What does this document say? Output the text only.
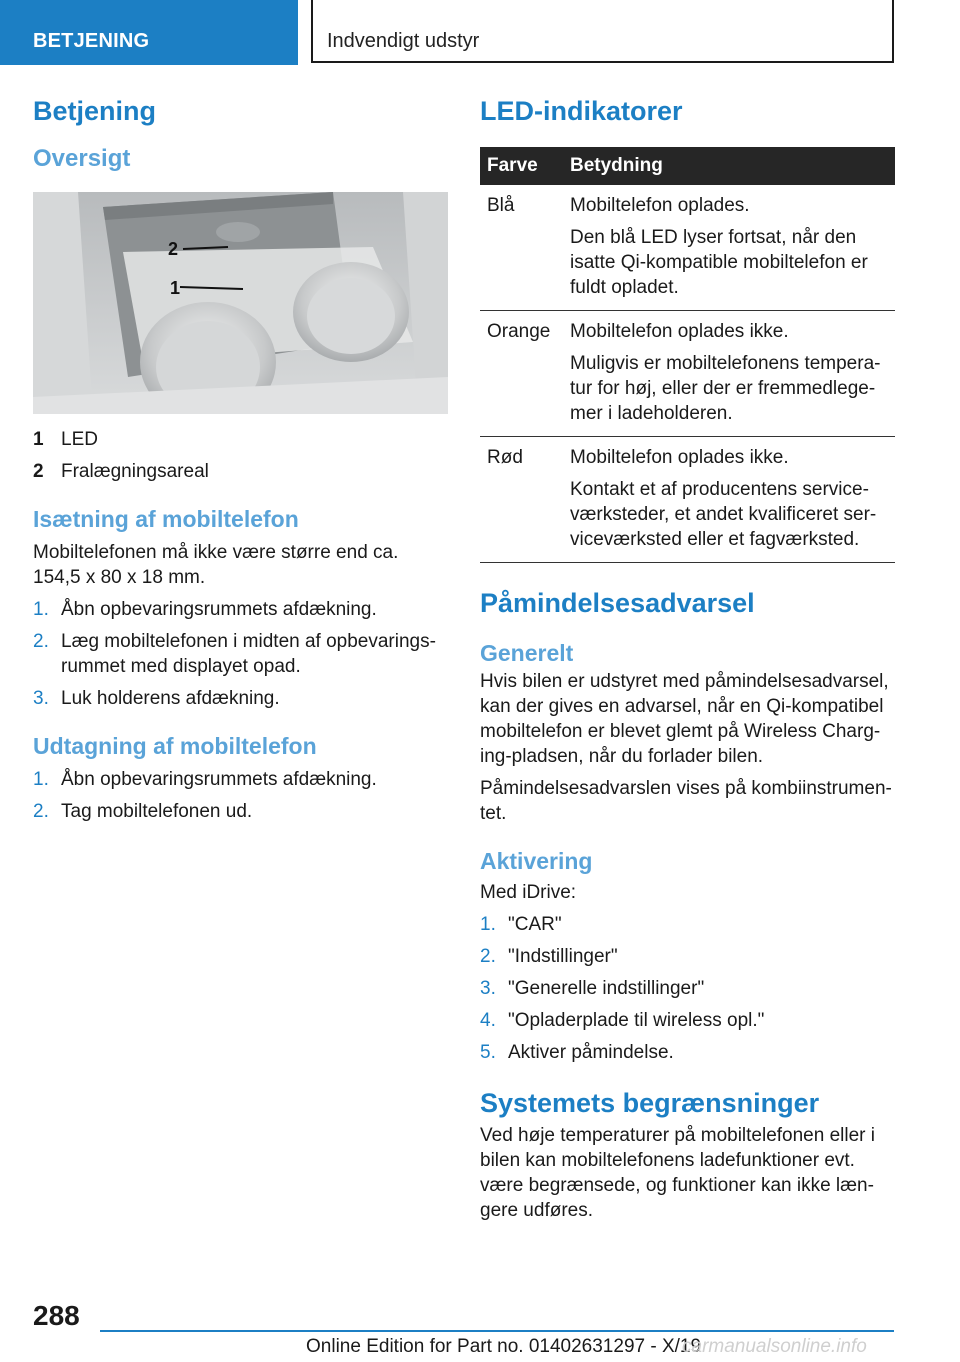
BETJENING	Indvendigt udstyr
Betjening
Oversigt
2
1
1 LED
2 Fralægningsareal
Isætning af mobiltelefon

Mobiltelefonen må ikke være større end ca. 154,5 x 80 x 18 mm.

1. Åbn opbevaringsrummets afdækning.
2. Læg mobiltelefonen i midten af opbevaringsrummet med displayet opad.
3. Luk holderens afdækning.
Udtagning af mobiltelefon
1. Åbn opbevaringsrummets afdækning.
2. Tag mobiltelefonen ud.
LED-indikatorer
Farve	Betydning
Blå	Mobiltelefon oplades.
Den blå LED lyser fortsat, når den isatte Qi-kompatible mobiltelefon er fuldt opladet.

Orange	Mobiltelefon oplades ikke.
Muligvis er mobiltelefonens temperatur for høj, eller der er fremmedlegemer i ladeholderen.

Rød	Mobiltelefon oplades ikke.
Kontakt et af producentens serviceværksteder, et andet kvalificeret serviceværksted eller et fagværksted.
Påmindelsesadvarsel
Generelt

Hvis bilen er udstyret med påmindelsesadvarsel, kan der gives en advarsel, når en Qi-kompatibel mobiltelefon er blevet glemt på Wireless Charging-pladsen, når du forlader bilen.

Påmindelsesadvarslen vises på kombiinstrumentet.

Aktivering

Med iDrive:

1. "CAR"
2. "Indstillinger"
3. "Generelle indstillinger"
4. "Opladerplade til wireless opl."
5. Aktiver påmindelse.
Systemets begrænsninger

Ved høje temperaturer på mobiltelefonen eller i bilen kan mobiltelefonens ladefunktioner evt. være begrænsede, og funktioner kan ikke længere udføres.

288
Online Edition for Part no. 01402631297 - X/19
carmanualsonline.info
